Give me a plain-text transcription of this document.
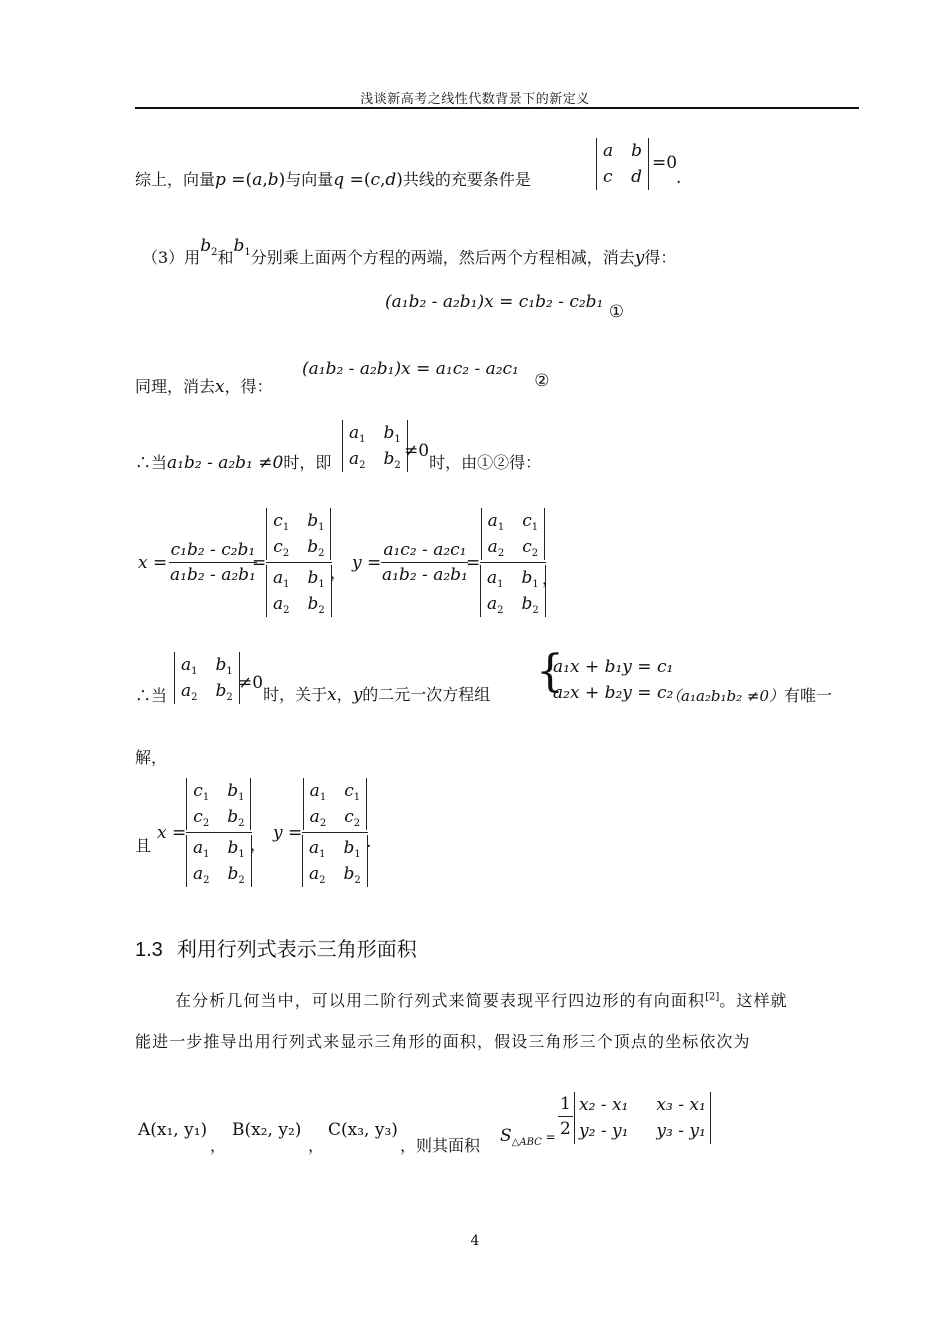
浅谈新高考之线性代数背景下的新定义
综上，向量p =(a,b)与向量q =(c,d)共线的充要条件是
a b
c d
=0
.
（3）用$b_2$和$b_1$分别乘上面两个方程的两端，然后两个方程相减，消去y得：
(a₁b₂ - a₂b₁)x = c₁b₂ - c₂b₁ ①
同理，消去x，得：
(a₁b₂ - a₂b₁)x = a₁c₂ - a₂c₁ ②
∴当a₁b₂ - a₂b₁ ≠0时，即
$a_1$ $b_1$
$a_2$ $b_2$
≠0时，由①②得：
$x = \frac{\text{c₁b₂ - c₂b₁}}{\text{a₁b₂ - a₂b₁}}$
=
$c_1$ $b_1$
$c_2$ $b_2$
$a_1$ $b_1$
$a_2$ $b_2$
， y =
$\frac{\text{a₁c₂ - a₂c₁}}{\text{a₁b₂ - a₂b₁}}$
=
$a_1$ $c_1$
$a_2$ $c_2$
$a_1$ $b_1$
$a_2$ $b_2$
，
∴当
$a_1$ $b_1$
$a_2$ $b_2$
≠0时，关于x，y的二元一次方程组 {
a₁x + b₁y = c₁
a₂x + b₂y = c₂
（a₁a₂b₁b₂ ≠0）有唯一
解，
且
x =
$c_1$ $b_1$
$c_2$ $b_2$
$a_1$ $b_1$
$a_2$ $b_2$
，
y =
$a_1$ $c_1$
$a_2$ $c_2$
$a_1$ $b_1$
$a_2$ $b_2$
.
1.3 利用行列式表示三角形面积
在分析几何当中，可以用二阶行列式来简要表现平行四边形的有向面积[2]。这样就
能进一步推导出用行列式来显示三角形的面积，假设三角形三个顶点的坐标依次为
A(x₁, y₁)
，
B(x₂, y₂)
，
C(x₃, y₃)
，则其面积 $S_{\triangle ABC} = \frac{1}{2} x_2 - x_1$ x₃ - x₁
y₂ - y₁ y₃ - y₁
4
